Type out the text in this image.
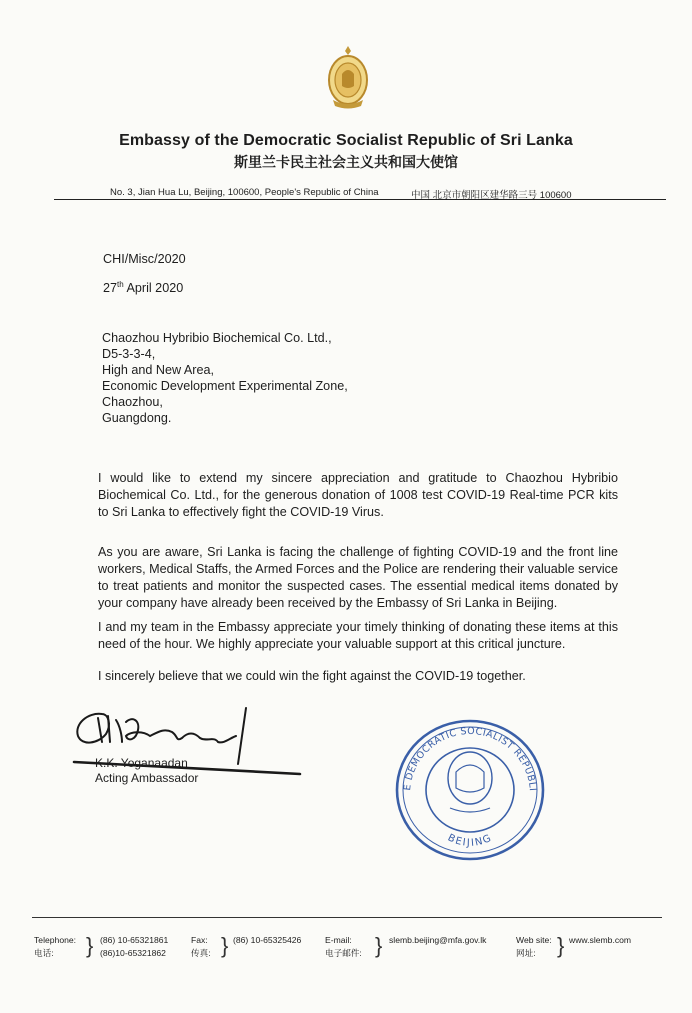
Embassy of the Democratic Socialist Republic of Sri Lanka
斯里兰卡民主社会主义共和国大使馆
No. 3, Jian Hua Lu, Beijing, 100600, People's Republic of China	中国 北京市朝阳区建华路三号 100600
CHI/Misc/2020
27th April 2020
Chaozhou Hybribio Biochemical Co. Ltd.,
D5-3-3-4,
High and New Area,
Economic Development Experimental Zone,
Chaozhou,
Guangdong.
I would like to extend my sincere appreciation and gratitude to Chaozhou Hybribio Biochemical Co. Ltd., for the generous donation of 1008 test COVID-19 Real-time PCR kits to Sri Lanka to effectively fight the COVID-19 Virus.
As you are aware, Sri Lanka is facing the challenge of fighting COVID-19 and the front line workers, Medical Staffs, the Armed Forces and the Police are rendering their valuable service to treat patients and monitor the suspected cases. The essential medical items donated by your company have already been received by the Embassy of Sri Lanka in Beijing.
I and my team in the Embassy appreciate your timely thinking of donating these items at this need of the hour. We highly appreciate your valuable support at this critical juncture.
I sincerely believe that we could win the fight against the COVID-19 together.
K.K. Yoganaadan
Acting Ambassador
E DEMOCRATIC SOCIALIST REPUBLI
BEIJING
Telephone:
电话:	} (86) 10-65321861
(86)10-65321862
Fax:
传真: } (86) 10-65325426	E-mail:
电子邮件: } slemb.beijing@mfa.gov.lk	Web site:
网址: } www.slemb.com
